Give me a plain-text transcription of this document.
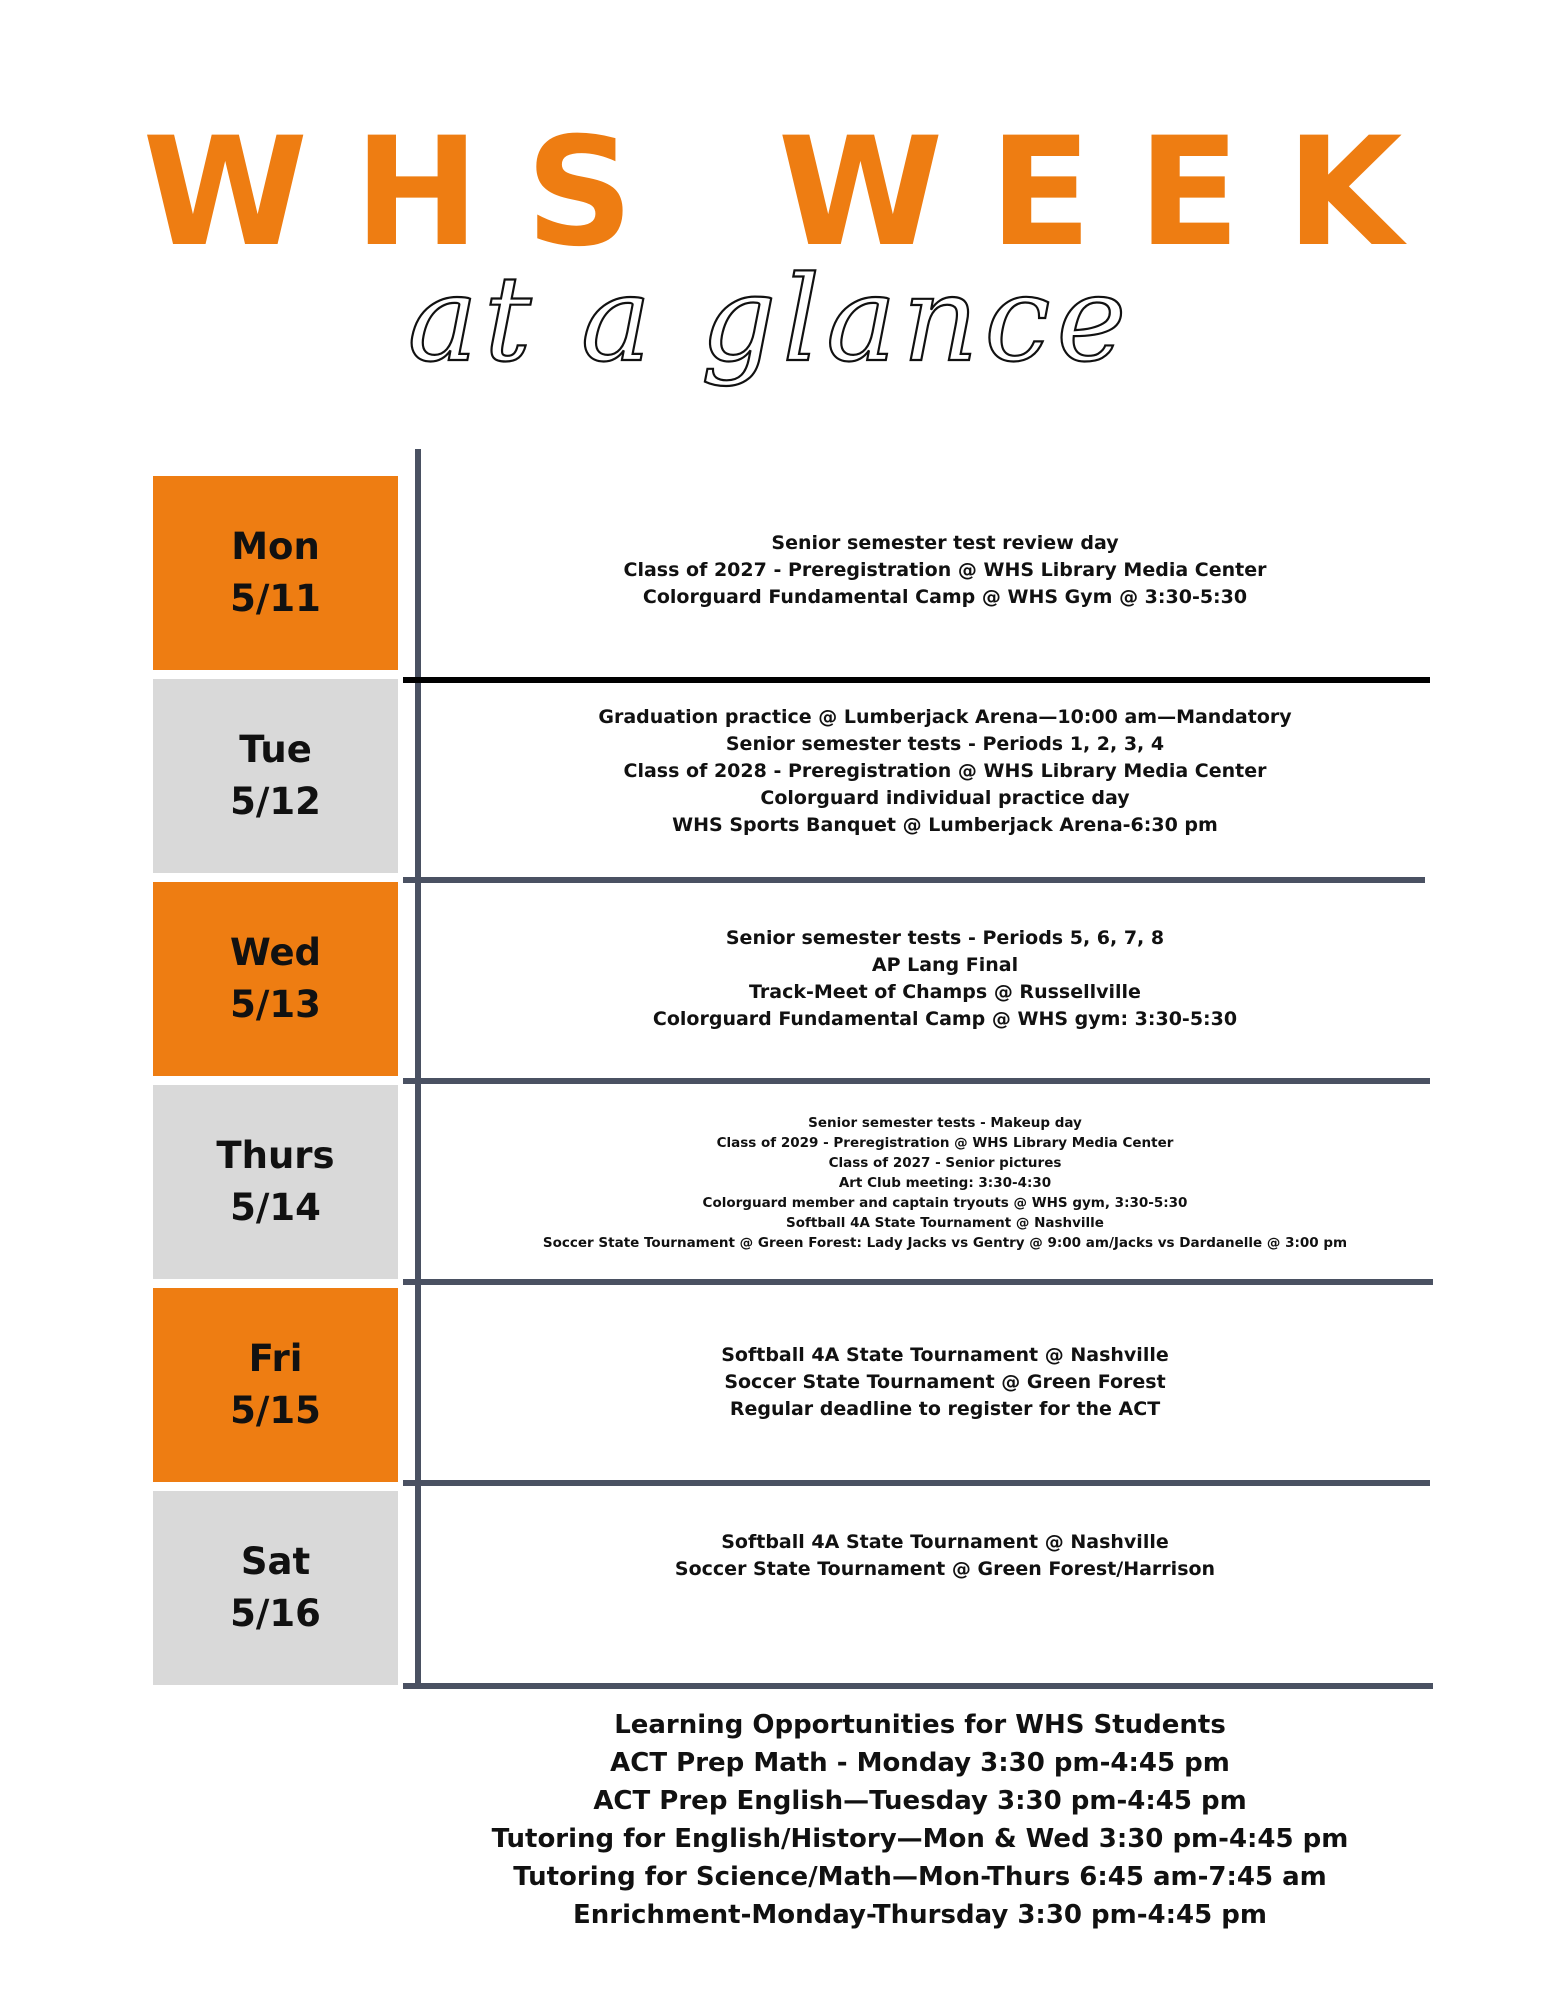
WHS WEEK
at a glance
Mon
5/11
Senior semester test review day
Class of 2027 - Preregistration @ WHS Library Media Center
Colorguard Fundamental Camp @ WHS Gym @ 3:30-5:30
Tue
5/12
Graduation practice @ Lumberjack Arena—10:00 am—Mandatory
Senior semester tests - Periods 1, 2, 3, 4
Class of 2028 - Preregistration @ WHS Library Media Center
Colorguard individual practice day
WHS Sports Banquet @ Lumberjack Arena-6:30 pm
Wed
5/13
Senior semester tests - Periods 5, 6, 7, 8
AP Lang Final
Track-Meet of Champs @ Russellville
Colorguard Fundamental Camp @ WHS gym: 3:30-5:30
Thurs
5/14
Senior semester tests - Makeup day
Class of 2029 - Preregistration @ WHS Library Media Center
Class of 2027 - Senior pictures
Art Club meeting: 3:30-4:30
Colorguard member and captain tryouts @ WHS gym, 3:30-5:30
Softball 4A State Tournament @ Nashville
Soccer State Tournament @ Green Forest: Lady Jacks vs Gentry @ 9:00 am/Jacks vs Dardanelle @ 3:00 pm
Fri
5/15
Softball 4A State Tournament @ Nashville
Soccer State Tournament @ Green Forest
Regular deadline to register for the ACT
Sat
5/16
Softball 4A State Tournament @ Nashville
Soccer State Tournament @ Green Forest/Harrison
Learning Opportunities for WHS Students
ACT Prep Math - Monday 3:30 pm-4:45 pm
ACT Prep English—Tuesday 3:30 pm-4:45 pm
Tutoring for English/History—Mon & Wed 3:30 pm-4:45 pm
Tutoring for Science/Math—Mon-Thurs 6:45 am-7:45 am
Enrichment-Monday-Thursday 3:30 pm-4:45 pm
